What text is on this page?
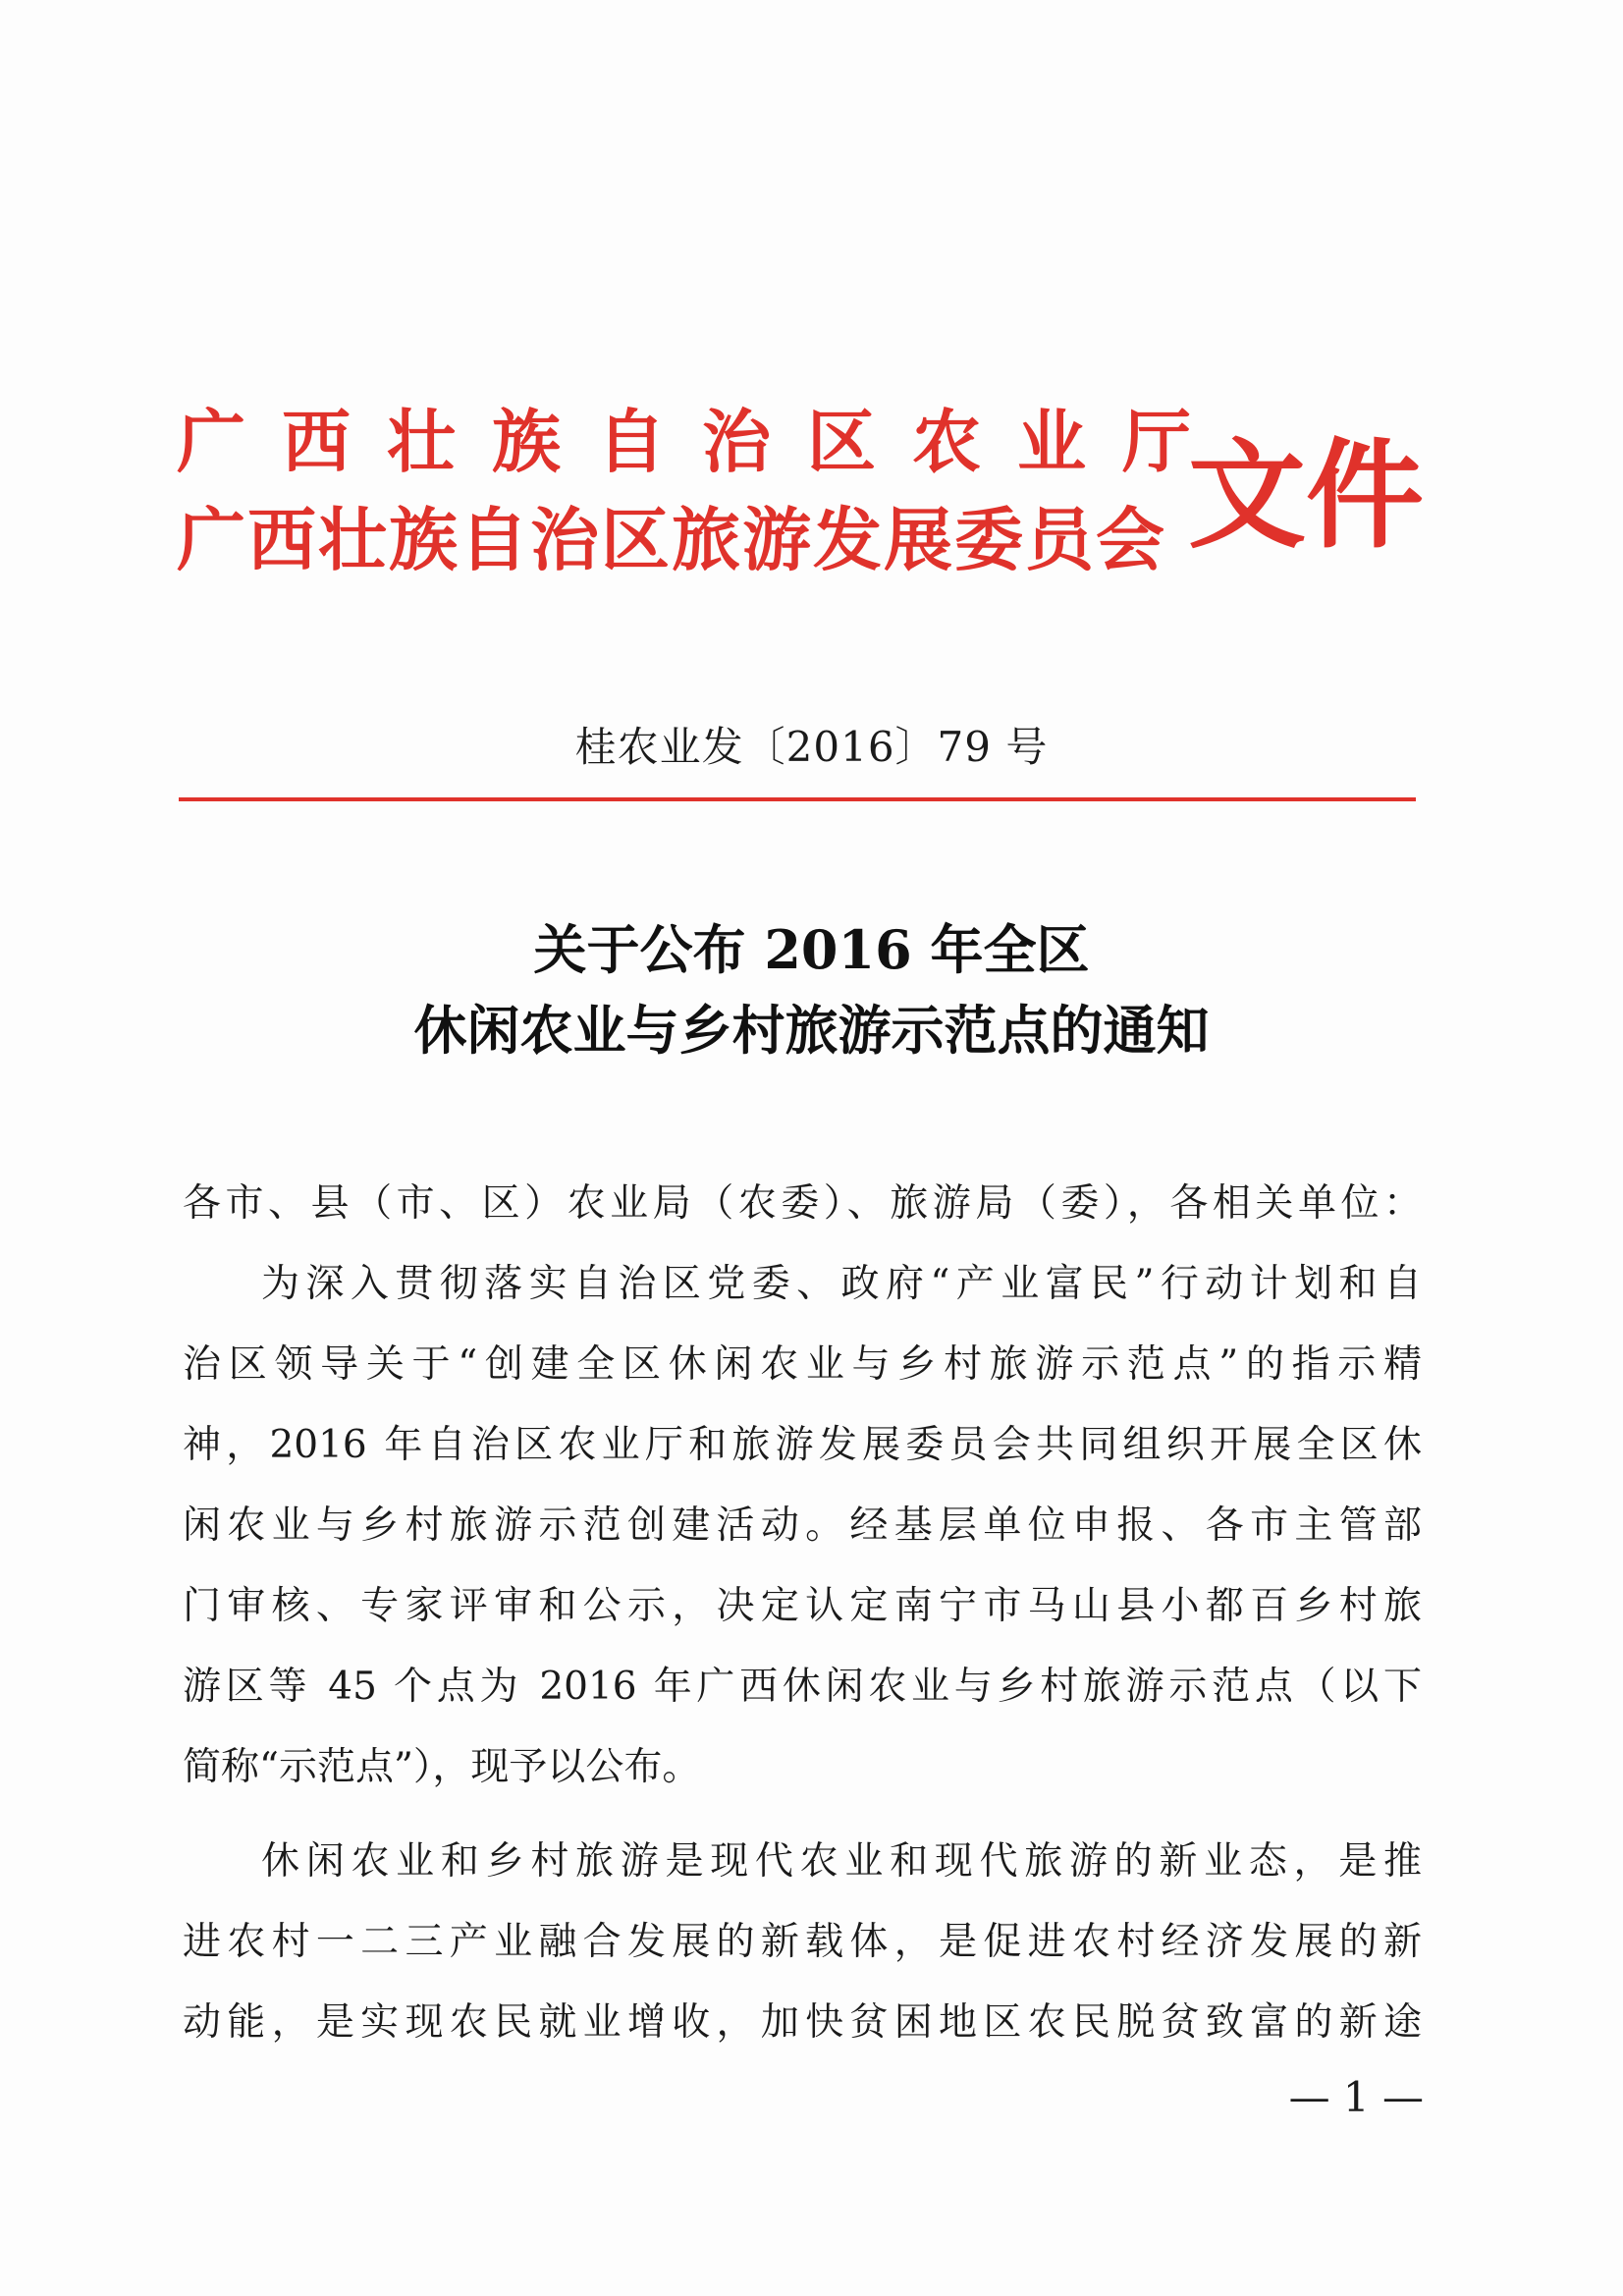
广西壮族自治区农业厅
广西壮族自治区旅游发展委员会 文件
桂农业发〔2016〕79 号
关于公布 2016 年全区
休闲农业与乡村旅游示范点的通知
各市、县（市、区）农业局（农委）、旅游局（委），各相关单位：
为深入贯彻落实自治区党委、政府“产业富民”行动计划和自
治区领导关于“创建全区休闲农业与乡村旅游示范点”的指示精
神，2016 年自治区农业厅和旅游发展委员会共同组织开展全区休
闲农业与乡村旅游示范创建活动。经基层单位申报、各市主管部
门审核、专家评审和公示，决定认定南宁市马山县小都百乡村旅
游区等 45 个点为 2016 年广西休闲农业与乡村旅游示范点（以下
简称“示范点”），现予以公布。
休闲农业和乡村旅游是现代农业和现代旅游的新业态，是推
进农村一二三产业融合发展的新载体，是促进农村经济发展的新
动能，是实现农民就业增收，加快贫困地区农民脱贫致富的新途
— 1 —
